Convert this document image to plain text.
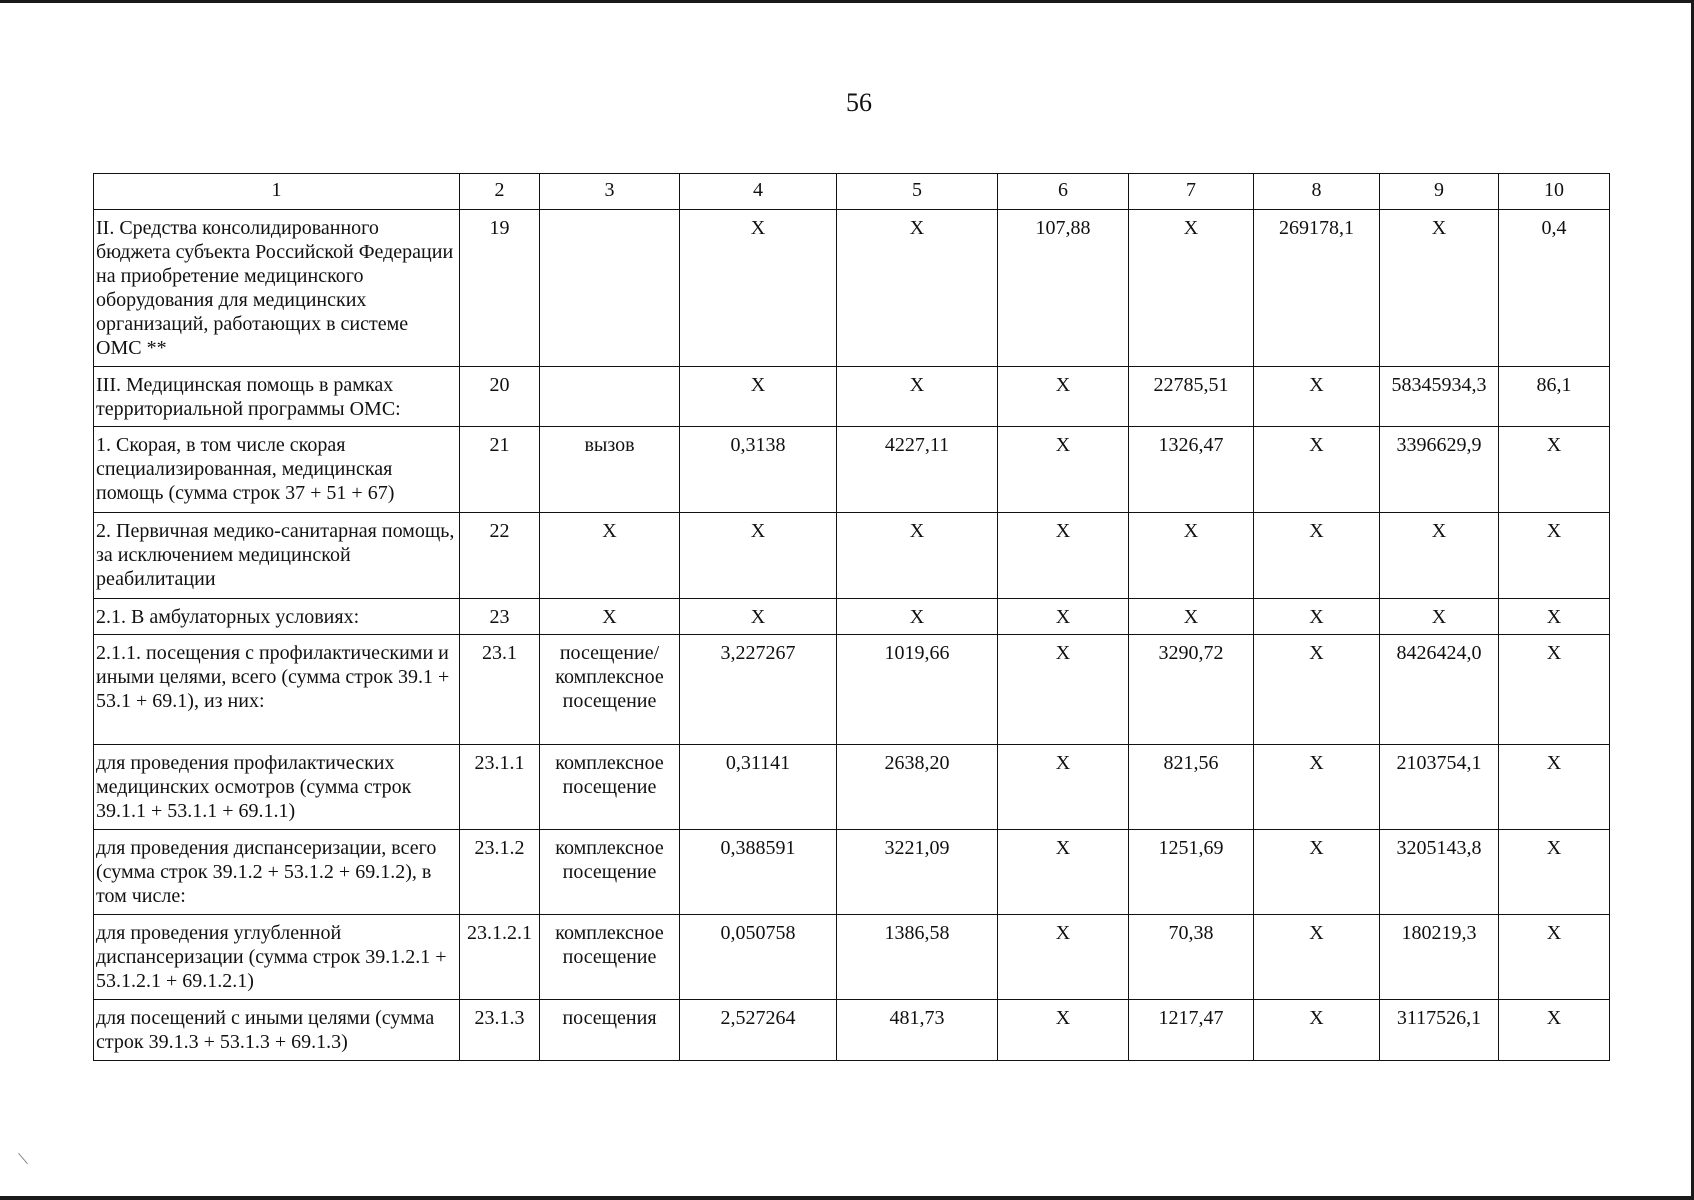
56
1	2	3	4	5	6	7	8	9	10
II. Средства консолидированного бюджета субъекта Российской Федерации на приобретение медицинского оборудования для медицинских организаций, работающих в системе ОМС **	19		Х	Х	107,88	Х	269178,1	Х	0,4
III. Медицинская помощь в рамках территориальной программы ОМС:	20		Х	Х	Х	22785,51	Х	58345934,3	86,1
1. Скорая, в том числе скорая специализированная, медицинская помощь (сумма строк 37 + 51 + 67)	21	вызов	0,3138	4227,11	Х	1326,47	Х	3396629,9	Х
2. Первичная медико-санитарная помощь, за исключением медицинской реабилитации	22	Х	Х	Х	Х	Х	Х	Х	Х
2.1. В амбулаторных условиях:	23	Х	Х	Х	Х	Х	Х	Х	Х
2.1.1. посещения с профилактическими и иными целями, всего (сумма строк 39.1 + 53.1 + 69.1), из них:	23.1	посещение/ комплексное посещение	3,227267	1019,66	Х	3290,72	Х	8426424,0	Х
для проведения профилактических медицинских осмотров (сумма строк 39.1.1 + 53.1.1 + 69.1.1)	23.1.1	комплексное посещение	0,31141	2638,20	Х	821,56	Х	2103754,1	Х
для проведения диспансеризации, всего (сумма строк 39.1.2 + 53.1.2 + 69.1.2), в том числе:	23.1.2	комплексное посещение	0,388591	3221,09	Х	1251,69	Х	3205143,8	Х
для проведения углубленной диспансеризации (сумма строк 39.1.2.1 + 53.1.2.1 + 69.1.2.1)	23.1.2.1	комплексное посещение	0,050758	1386,58	Х	70,38	Х	180219,3	Х
для посещений с иными целями (сумма строк 39.1.3 + 53.1.3 + 69.1.3)	23.1.3	посещения	2,527264	481,73	Х	1217,47	Х	3117526,1	Х
